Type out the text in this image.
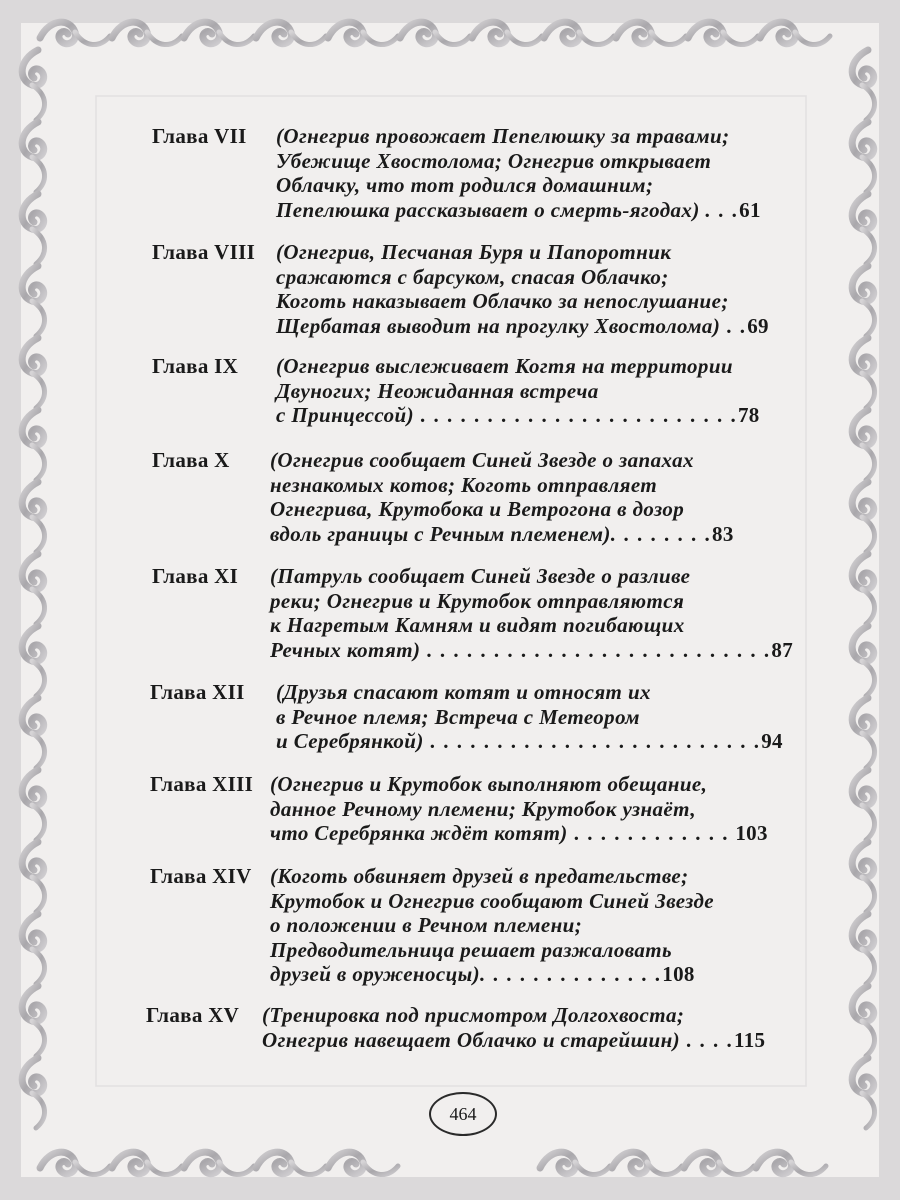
Глава VII (Огнегрив провожает Пепелюшку за травами;
Убежище Хвостолома; Огнегрив открывает
Облачку, что тот родился домашним;
Пепелюшка рассказывает о смерть-ягодах) . . .61
Глава VIII (Огнегрив, Песчаная Буря и Папоротник
сражаются с барсуком, спасая Облачко;
Коготь наказывает Облачко за непослушание;
Щербатая выводит на прогулку Хвостолома) . .69
Глава IX (Огнегрив выслеживает Когтя на территории
Двуногих; Неожиданная встреча
с Принцессой) . . . . . . . . . . . . . . . . . . . . . . . .78
Глава X (Огнегрив сообщает Синей Звезде о запахах
незнакомых котов; Коготь отправляет
Огнегрива, Крутобока и Ветрогона в дозор
вдоль границы с Речным племенем). . . . . . . .83
Глава XI (Патруль сообщает Синей Звезде о разливе
реки; Огнегрив и Крутобок отправляются
к Нагретым Камням и видят погибающих
Речных котят) . . . . . . . . . . . . . . . . . . . . . . . . . .87
Глава XII (Друзья спасают котят и относят их
в Речное племя; Встреча с Метеором
и Серебрянкой) . . . . . . . . . . . . . . . . . . . . . . . . .94
Глава XIII (Огнегрив и Крутобок выполняют обещание,
данное Речному племени; Крутобок узнаёт,
что Серебрянка ждёт котят) . . . . . . . . . . . . 103
Глава XIV (Коготь обвиняет друзей в предательстве;
Крутобок и Огнегрив сообщают Синей Звезде
о положении в Речном племени;
Предводительница решает разжаловать
друзей в оруженосцы). . . . . . . . . . . . . .108
Глава XV (Тренировка под присмотром Долгохвоста;
Огнегрив навещает Облачко и старейшин) . . . .115
464
